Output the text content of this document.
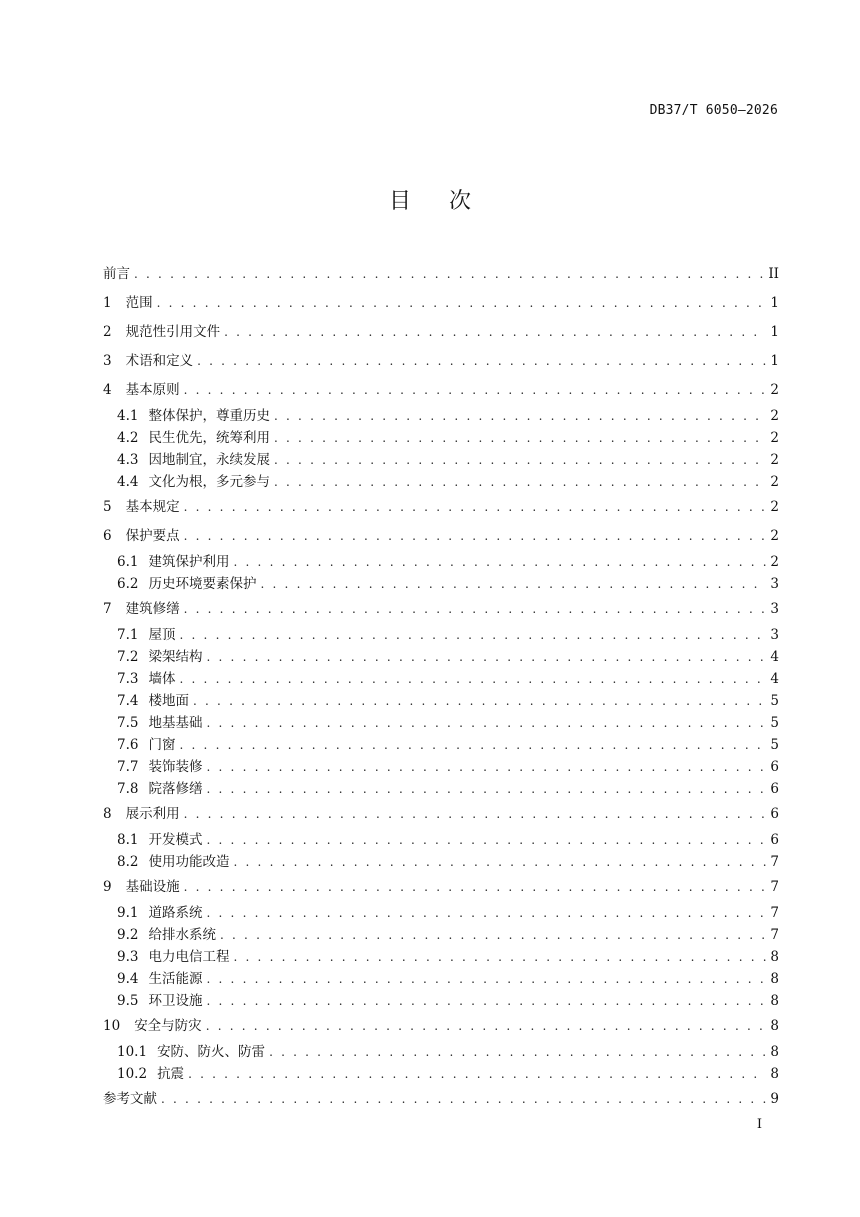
DB37/T 6050—2026
目 次
前言 . . .	II
1 范围 . . .	1
2 规范性引用文件 . . .	1
3 术语和定义 . . .	1
4 基本原则 . . .	2
4.1 整体保护，尊重历史 . . .	2
4.2 民生优先，统筹利用 . . .	2
4.3 因地制宜，永续发展 . . .	2
4.4 文化为根，多元参与 . . .	2
5 基本规定 . . .	2
6 保护要点 . . .	2
6.1 建筑保护利用 . . .	2
6.2 历史环境要素保护 . . .	3
7 建筑修缮 . . .	3
7.1 屋顶 . . .	3
7.2 梁架结构 . . .	4
7.3 墙体 . . .	4
7.4 楼地面 . . .	5
7.5 地基基础 . . .	5
7.6 门窗 . . .	5
7.7 装饰装修 . . .	6
7.8 院落修缮 . . .	6
8 展示利用 . . .	6
8.1 开发模式 . . .	6
8.2 使用功能改造 . . .	7
9 基础设施 . . .	7
9.1 道路系统 . . .	7
9.2 给排水系统 . . .	7
9.3 电力电信工程 . . .	8
9.4 生活能源 . . .	8
9.5 环卫设施 . . .	8
10 安全与防灾 . . .	8
10.1 安防、防火、防雷 . . .	8
10.2 抗震 . . .	8
参考文献 . . .	9
I
